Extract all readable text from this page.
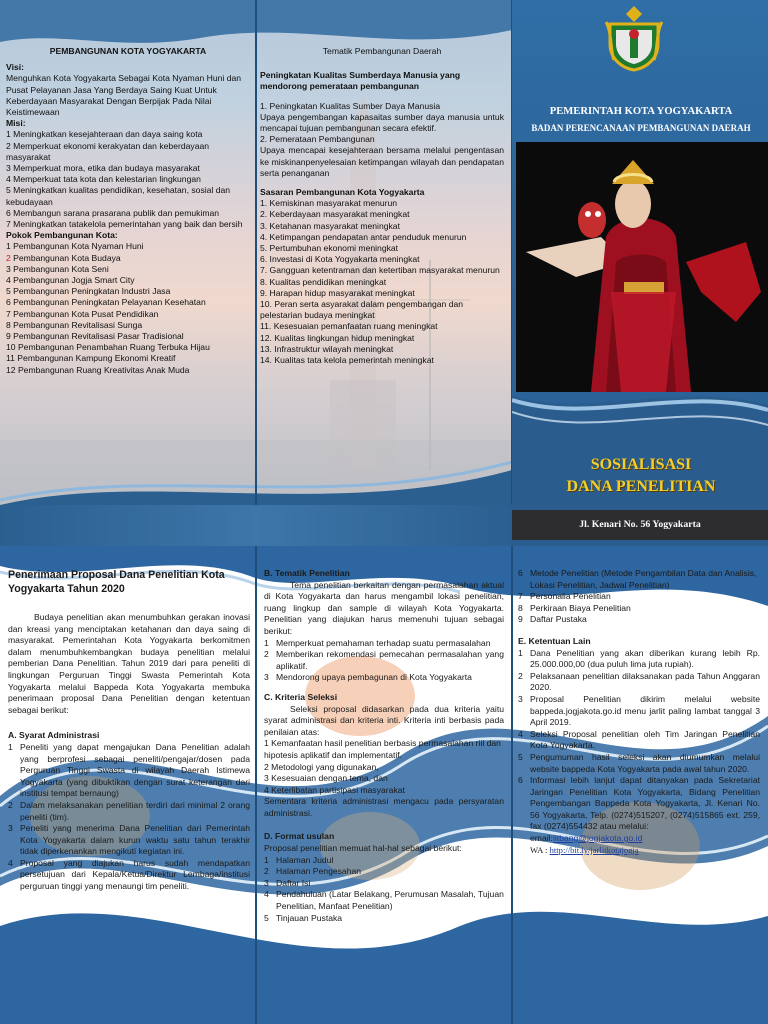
PEMBANGUNAN KOTA YOGYAKARTA
Visi:
Menguhkan Kota Yogyakarta Sebagai Kota Nyaman Huni dan Pusat Pelayanan Jasa Yang Berdaya Saing Kuat Untuk Keberdayaan Masyarakat Dengan Berpijak Pada Nilai Keistimewaan
Misi:
1 Meningkatkan kesejahteraan dan daya saing kota
2 Memperkuat ekonomi kerakyatan dan keberdayaan masyarakat
3 Memperkuat mora, etika dan budaya masyarakat
4 Memperkuat tata kota dan kelestarian lingkungan
5 Meningkatkan kualitas pendidikan, kesehatan, sosial dan kebudayaan
6 Membangun sarana prasarana publik dan pemukiman
7 Meningkatkan tatakelola pemerintahan yang baik dan bersih
Pokok Pembangunan Kota:
1 Pembangunan Kota Nyaman Huni
2 Pembangunan Kota Budaya
3 Pembangunan Kota Seni
4 Pembangunan Jogja Smart City
5 Pembangunan Peningkatan Industri Jasa
6 Pembangunan Peningkatan Pelayanan Kesehatan
7 Pembangunan Kota Pusat Pendidikan
8 Pembangunan Revitalisasi Sunga
9 Pembangunan Revitalisasi Pasar Tradisional
10 Pembangunan Penambahan Ruang Terbuka Hijau
11 Pembangunan Kampung Ekonomi Kreatif
12 Pembangunan Ruang Kreativitas Anak Muda
Tematik Pembangunan Daerah
Peningkatan Kualitas Sumberdaya Manusia yang mendorong pemerataan pembangunan
1. Peningkatan Kualitas Sumber Daya Manusia
Upaya pengembangan kapasaitas sumber daya manusia untuk mencapai tujuan pembangunan secara efektif.
2. Pemerataan Pembangunan
Upaya mencapai kesejahteraan bersama melalui pengentasan ke miskinanpenyelesaian ketimpangan wilayah dan pendapatan serta penanganan
Sasaran Pembangunan Kota Yogyakarta
1. Kemiskinan masyarakat menurun
2. Keberdayaan masyarakat meningkat
3. Ketahanan masyarakat meningkat
4. Ketimpangan pendapatan antar penduduk menurun
5. Pertumbuhan ekonomi meningkat
6. Investasi di Kota Yogyakarta meningkat
7. Gangguan ketentraman dan ketertiban masyarakat menurun
8. Kualitas pendidikan meningkat
9. Harapan hidup masyarakat meningkat
10. Peran serta asyarakat dalam pengembangan dan pelestarian budaya meningkat
11. Kesesuaian pemanfaatan ruang meningkat
12. Kualitas lingkungan hidup meningkat
13. Infrastruktur wilayah meningkat
14. Kualitas tata kelola pemerintah meningkat
PEMERINTAH KOTA YOGYAKARTA
BADAN PERENCANAAN PEMBANGUNAN DAERAH
SOSIALISASI
DANA PENELITIAN
Jl. Kenari No. 56 Yogyakarta
Penerimaan Proposal Dana Penelitian Kota Yogyakarta Tahun 2020
Budaya penelitian akan menumbuhkan gerakan inovasi dan kreasi yang menciptakan ketahanan dan daya saing di masyarakat. Pemerintahan Kota Yogyakarta berkomitmen dalam menumbuhkembangkan budaya penelitian melalui pemberian Dana Penelitian. Tahun 2019 dari para peneliti di lingkungan Perguruan Tinggi Swasta Pemerintah Kota Yogyakarta melalui Bappeda Kota Yogyakarta membuka penerimaan proposal Dana Penelitian dengan ketentuan sebagai berikut:
A. Syarat Administrasi
1 Peneliti yang dapat mengajukan Dana Penelitian adalah yang berprofesi sebagai peneliti/pengajar/dosen pada Perguruan Tinggi Swasta di wilayah Daerah Istimewa Yogyakarta (yang dibuktikan dengan surat keterangan dari institusi tempat bernaung)
2 Dalam melaksanakan penelitian terdiri dari minimal 2 orang peneliti (tim).
3 Peneliti yang menerima Dana Penelitian dari Pemerintah Kota Yogyakarta dalam kurun waktu satu tahun terakhir tidak diperkenankan mengikuti kegiatan ini.
4 Proposal yang diajukan harus sudah mendapatkan persetujuan dari Kepala/Ketua/Direktur Lembaga/institusi perguruan tinggi yang menaungi tim peneliti.
B. Tematik Penelitian
Tema penelitian berkaitan dengan permasalahan aktual di Kota Yogyakarta dan harus mengambil lokasi penelitian, ruang lingkup dan sample di wilayah Kota Yogyakarta. Penelitian yang diajukan harus memenuhi tujuan sebagai berikut:
1 Memperkuat pemahaman terhadap suatu permasalahan
2 Memberikan rekomendasi pemecahan permasalahan yang aplikatif.
3 Mendorong upaya pembagunan di Kota Yogyakarta
C. Kriteria Seleksi
Seleksi proposal didasarkan pada dua kriteria yaitu syarat administrasi dan kriteria inti. Kriteria inti berbasis pada penilaian atas:
1 Kemanfaatan hasil penelitian berbasis permasalahan riil dan hipotesis aplikatif dan implementatif.
2 Metodologi yang digunakan,
3 Kesesuaian dengan tema, dan
4 Keterlibatan partisipasi masyarakat
Sementara kriteria administrasi mengacu pada persyaratan administrasi.
D. Format usulan
Proposal penelitian memuat hal-hal sebagai berikut:
1 Halaman Judul
2 Halaman Pengesahan
3 Daftar Isi
4 Pendahuluan (Latar Belakang, Perumusan Masalah, Tujuan Penelitian, Manfaat Penelitian)
5 Tinjauan Pustaka
6 Metode Penelitian (Metode Pengambilan Data dan Analisis, Lokasi Penelitian, Jadwal Penelitian)
7 Personalia Penelitian
8 Perkiraan Biaya Penelitian
9 Daftar Pustaka
E. Ketentuan Lain
1 Dana Penelitian yang akan diberikan kurang lebih Rp. 25.000.000,00 (dua puluh lima juta rupiah).
2 Pelaksanaan penelitian dilaksanakan pada Tahun Anggaran 2020.
3 Proposal Penelitian dikirim melalui website bappeda.jogjakota.go.id menu jarlit paling lambat tanggal 3 April 2019.
4 Seleksi Proposal penelitian oleh Tim Jaringan Penelitian Kota Yogyakarta.
5 Pengumuman hasil seleksi akan diumumkan melalui website bappeda Kota Yogyakarta pada awal tahun 2020.
6 Informasi lebih lanjut dapat ditanyakan pada Sekretariat Jaringan Penelitian Kota Yogyakarta, Bidang Penelitian Pengembangan Bappeda Kota Yogyakarta, Jl. Kenari No. 56 Yogyakarta, Telp. (0274)515207, (0274)515865 ext. 259, fax (0274)554432 atau melalui:
email:litbang@jogjakota.go.id
WA : http://bit.ly/jarlitkotajogja
